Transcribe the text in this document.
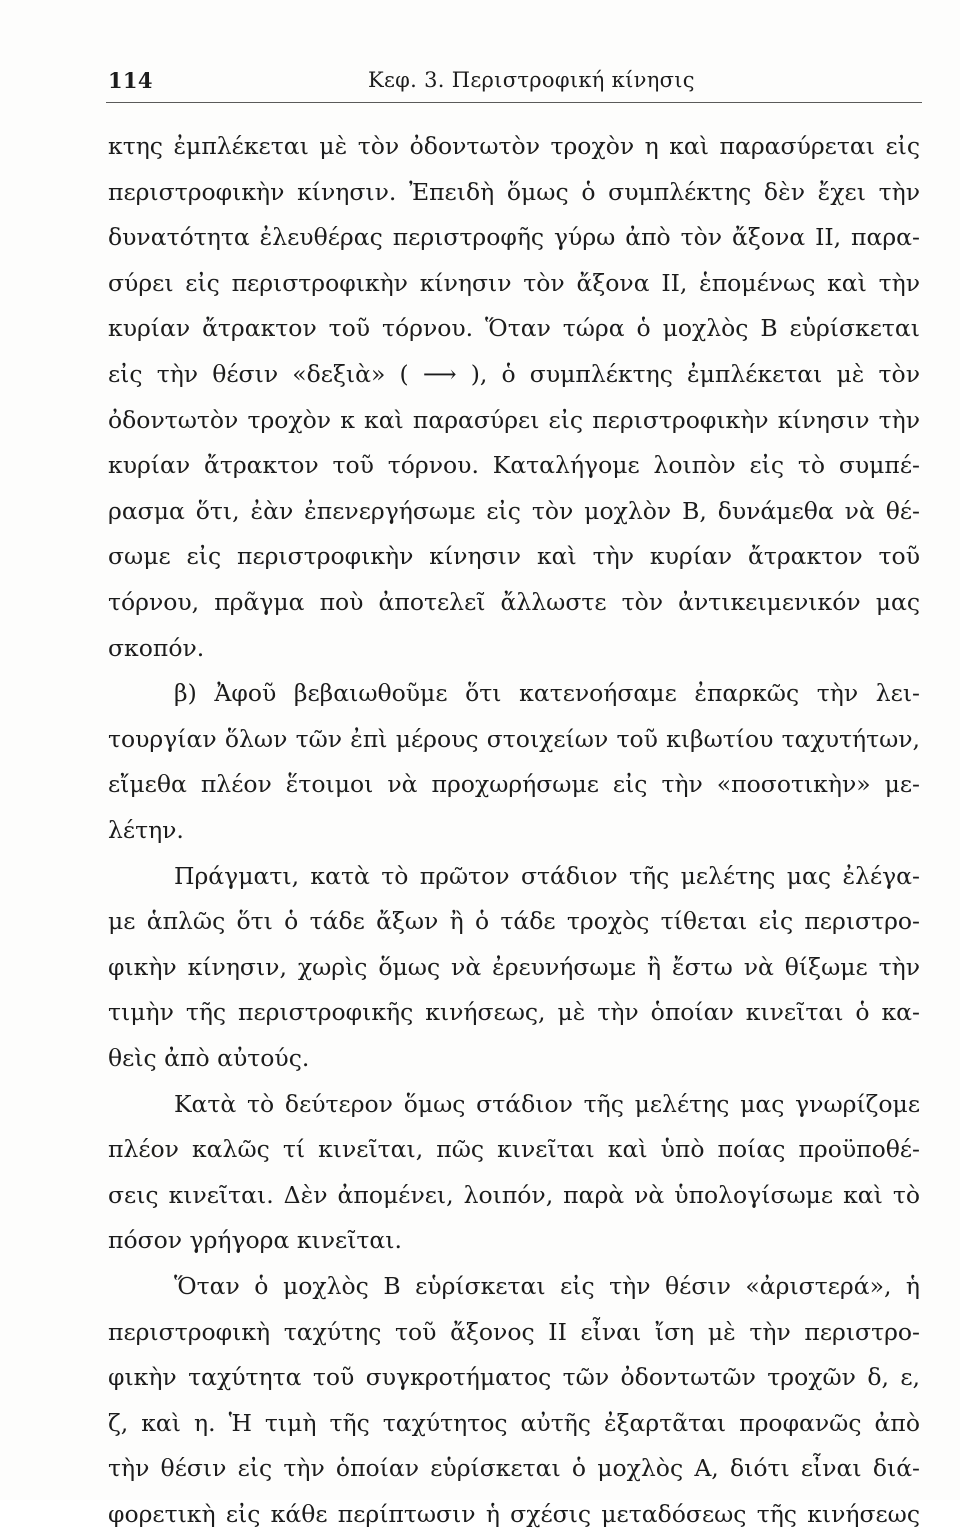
114	Κεφ. 3. Περιστροφική κίνησις
κτης ἐμπλέκεται μὲ τὸν ὀδοντωτὸν τροχὸν η καὶ παρασύρεται εἰς
περιστροφικὴν κίνησιν. Ἐπειδὴ ὅμως ὁ συμπλέκτης δὲν ἔχει τὴν
δυνατότητα ἐλευθέρας περιστροφῆς γύρω ἀπὸ τὸν ἄξονα ΙΙ, παρα-
σύρει εἰς περιστροφικὴν κίνησιν τὸν ἄξονα ΙΙ, ἑπομένως καὶ τὴν
κυρίαν ἄτρακτον τοῦ τόρνου. Ὅταν τώρα ὁ μοχλὸς Β εὑρίσκεται
εἰς τὴν θέσιν «δεξιὰ» ( ⟶ ), ὁ συμπλέκτης ἐμπλέκεται μὲ τὸν
ὀδοντωτὸν τροχὸν κ καὶ παρασύρει εἰς περιστροφικὴν κίνησιν τὴν
κυρίαν ἄτρακτον τοῦ τόρνου. Καταλήγομε λοιπὸν εἰς τὸ συμπέ-
ρασμα ὅτι, ἐὰν ἐπενεργήσωμε εἰς τὸν μοχλὸν Β, δυνάμεθα νὰ θέ-
σωμε εἰς περιστροφικὴν κίνησιν καὶ τὴν κυρίαν ἄτρακτον τοῦ
τόρνου, πρᾶγμα ποὺ ἀποτελεῖ ἄλλωστε τὸν ἀντικειμενικόν μας
σκοπόν.
β) Ἀφοῦ βεβαιωθοῦμε ὅτι κατενοήσαμε ἐπαρκῶς τὴν λει-
τουργίαν ὅλων τῶν ἐπὶ μέρους στοιχείων τοῦ κιβωτίου ταχυτήτων,
εἴμεθα πλέον ἕτοιμοι νὰ προχωρήσωμε εἰς τὴν «ποσοτικὴν» με-
λέτην.
Πράγματι, κατὰ τὸ πρῶτον στάδιον τῆς μελέτης μας ἐλέγα-
με ἁπλῶς ὅτι ὁ τάδε ἄξων ἢ ὁ τάδε τροχὸς τίθεται εἰς περιστρο-
φικὴν κίνησιν, χωρὶς ὅμως νὰ ἐρευνήσωμε ἢ ἔστω νὰ θίξωμε τὴν
τιμὴν τῆς περιστροφικῆς κινήσεως, μὲ τὴν ὁποίαν κινεῖται ὁ κα-
θεὶς ἀπὸ αὐτούς.
Κατὰ τὸ δεύτερον ὅμως στάδιον τῆς μελέτης μας γνωρίζομε
πλέον καλῶς τί κινεῖται, πῶς κινεῖται καὶ ὑπὸ ποίας προϋποθέ-
σεις κινεῖται. Δὲν ἀπομένει, λοιπόν, παρὰ νὰ ὑπολογίσωμε καὶ τὸ
πόσον γρήγορα κινεῖται.
Ὅταν ὁ μοχλὸς Β εὑρίσκεται εἰς τὴν θέσιν «ἀριστερά», ἡ
περιστροφικὴ ταχύτης τοῦ ἄξονος ΙΙ εἶναι ἴση μὲ τὴν περιστρο-
φικὴν ταχύτητα τοῦ συγκροτήματος τῶν ὀδοντωτῶν τροχῶν δ, ε,
ζ, καὶ η. Ἡ τιμὴ τῆς ταχύτητος αὐτῆς ἐξαρτᾶται προφανῶς ἀπὸ
τὴν θέσιν εἰς τὴν ὁποίαν εὑρίσκεται ὁ μοχλὸς Α, διότι εἶναι διά-
φορετικὴ εἰς κάθε περίπτωσιν ἡ σχέσις μεταδόσεως τῆς κινήσεως
